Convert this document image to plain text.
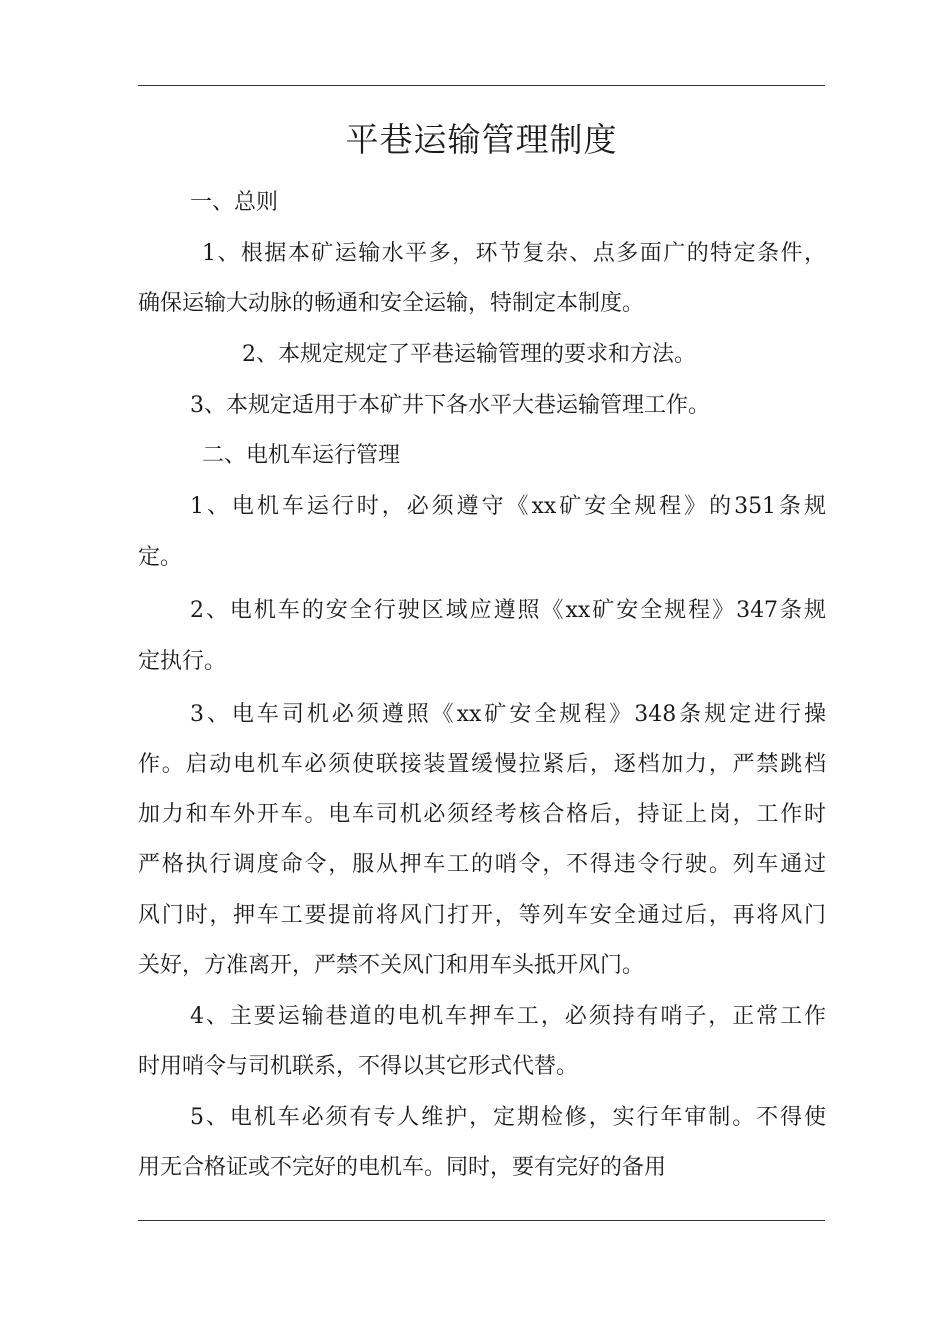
平巷运输管理制度

一、总则

1、根据本矿运输水平多，环节复杂、点多面广的特定条件，

确保运输大动脉的畅通和安全运输，特制定本制度。

2、本规定规定了平巷运输管理的要求和方法。

3、本规定适用于本矿井下各水平大巷运输管理工作。

二、电机车运行管理

1、电机车运行时，必须遵守《xx矿安全规程》的351条规

定。

2、电机车的安全行驶区域应遵照《xx矿安全规程》347条规

定执行。

3、电车司机必须遵照《xx矿安全规程》348条规定进行操

作。启动电机车必须使联接装置缓慢拉紧后，逐档加力，严禁跳档

加力和车外开车。电车司机必须经考核合格后，持证上岗，工作时

严格执行调度命令，服从押车工的哨令，不得违令行驶。列车通过

风门时，押车工要提前将风门打开，等列车安全通过后，再将风门

关好，方准离开，严禁不关风门和用车头抵开风门。

4、主要运输巷道的电机车押车工，必须持有哨子，正常工作

时用哨令与司机联系，不得以其它形式代替。

5、电机车必须有专人维护，定期检修，实行年审制。不得使

用无合格证或不完好的电机车。同时，要有完好的备用
